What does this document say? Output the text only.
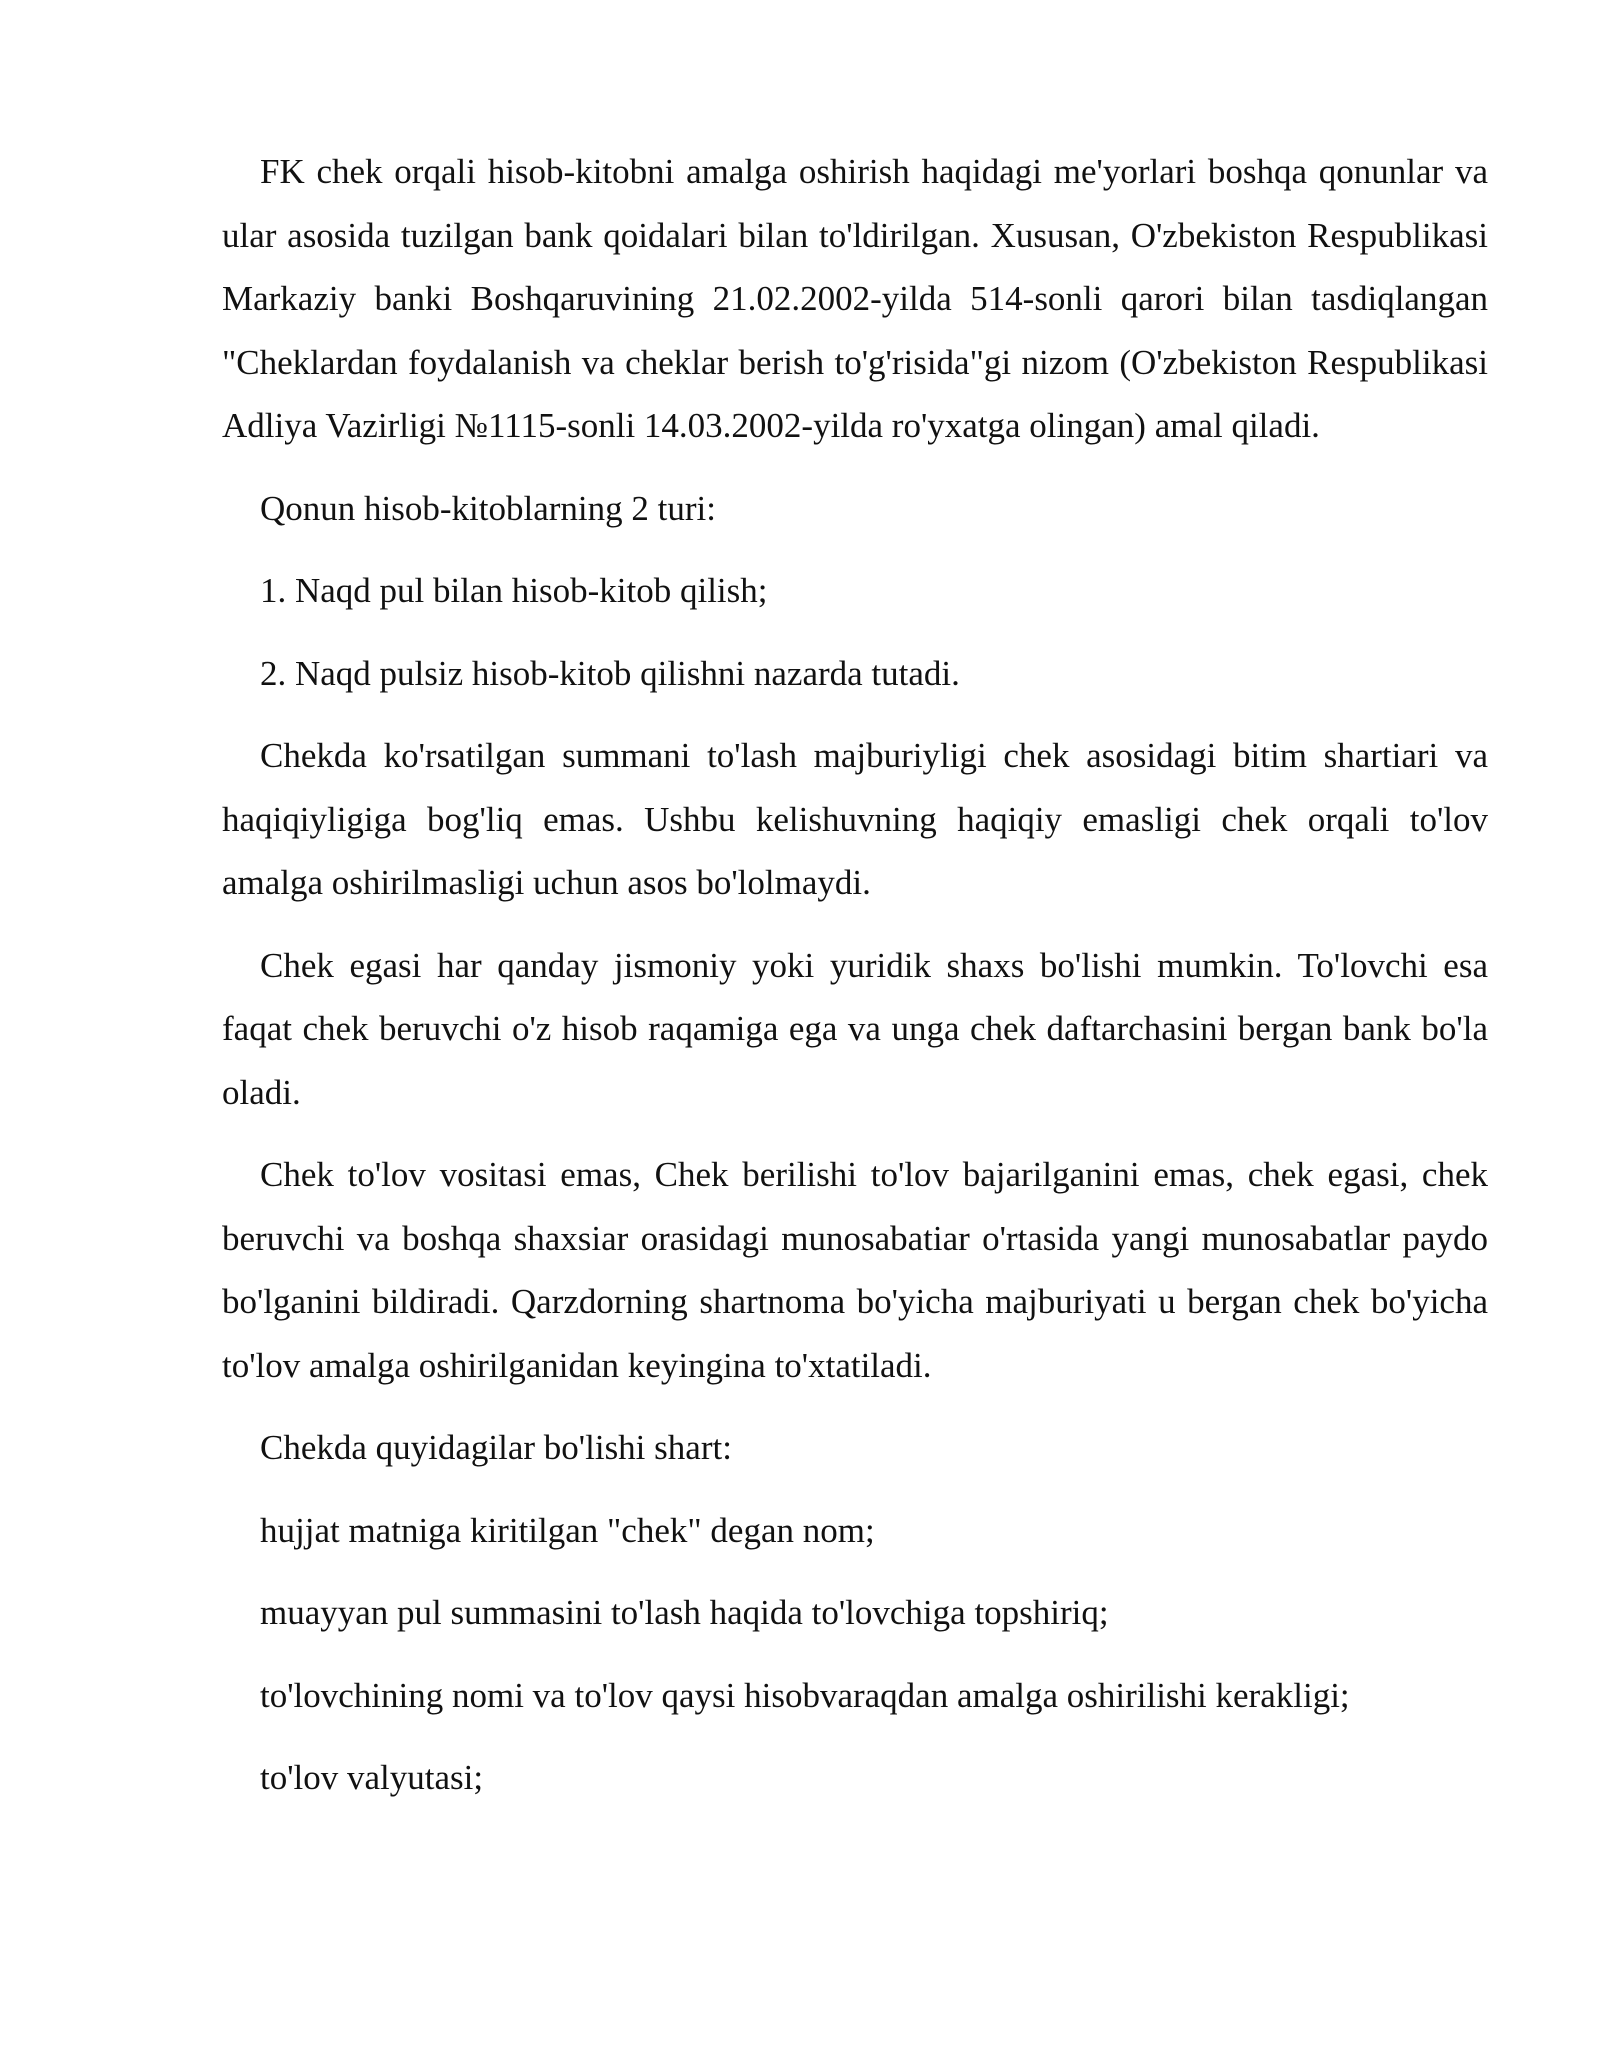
FK chek orqali hisob-kitobni amalga oshirish haqidagi me'yorlari boshqa qonunlar va ular asosida tuzilgan bank qoidalari bilan to'ldirilgan. Xususan, O'zbekiston Respublikasi Markaziy banki Boshqaruvining 21.02.2002-yilda 514-sonli qarori bilan tasdiqlangan "Cheklardan foydalanish va cheklar berish to'g'risida"gi nizom (O'zbekiston Respublikasi Adliya Vazirligi №1115-sonli 14.03.2002-yilda ro'yxatga olingan) amal qiladi.

Qonun hisob-kitoblarning 2 turi:

1. Naqd pul bilan hisob-kitob qilish;

2. Naqd pulsiz hisob-kitob qilishni nazarda tutadi.

Chekda ko'rsatilgan summani to'lash majburiyligi chek asosidagi bitim shartiari va haqiqiyligiga bog'liq emas. Ushbu kelishuvning haqiqiy emasligi chek orqali to'lov amalga oshirilmasligi uchun asos bo'lolmaydi.

Chek egasi har qanday jismoniy yoki yuridik shaxs bo'lishi mumkin. To'lovchi esa faqat chek beruvchi o'z hisob raqamiga ega va unga chek daftarchasini bergan bank bo'la oladi.

Chek to'lov vositasi emas, Chek berilishi to'lov bajarilganini emas, chek egasi, chek beruvchi va boshqa shaxsiar orasidagi munosabatiar o'rtasida yangi munosabatlar paydo bo'lganini bildiradi. Qarzdorning shartnoma bo'yicha majburiyati u bergan chek bo'yicha to'lov amalga oshirilganidan keyingina to'xtatiladi.

Chekda quyidagilar bo'lishi shart:

hujjat matniga kiritilgan "chek" degan nom;

muayyan pul summasini to'lash haqida to'lovchiga topshiriq;

to'lovchining nomi va to'lov qaysi hisobvaraqdan amalga oshirilishi kerakligi;

to'lov valyutasi;
